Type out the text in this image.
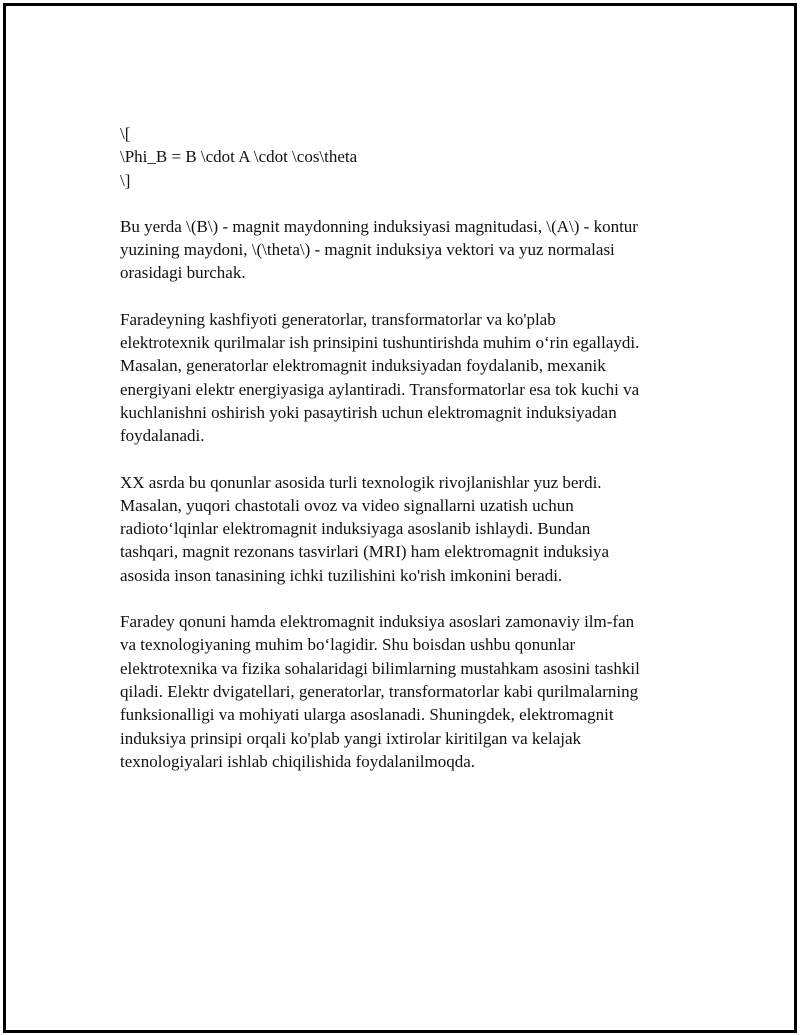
\[

\Phi_B = B \cdot A \cdot \cos\theta

\]

Bu yerda \(B\) - magnit maydonning induksiyasi magnitudasi, \(A\) - kontur
yuzining maydoni, \(\theta\) - magnit induksiya vektori va yuz normalasi
orasidagi burchak.

Faradeyning kashfiyoti generatorlar, transformatorlar va ko'plab
elektrotexnik qurilmalar ish prinsipini tushuntirishda muhim o‘rin egallaydi.
Masalan, generatorlar elektromagnit induksiyadan foydalanib, mexanik
energiyani elektr energiyasiga aylantiradi. Transformatorlar esa tok kuchi va
kuchlanishni oshirish yoki pasaytirish uchun elektromagnit induksiyadan
foydalanadi.

XX asrda bu qonunlar asosida turli texnologik rivojlanishlar yuz berdi.
Masalan, yuqori chastotali ovoz va video signallarni uzatish uchun
radioto‘lqinlar elektromagnit induksiyaga asoslanib ishlaydi. Bundan
tashqari, magnit rezonans tasvirlari (MRI) ham elektromagnit induksiya
asosida inson tanasining ichki tuzilishini ko'rish imkonini beradi.

Faradey qonuni hamda elektromagnit induksiya asoslari zamonaviy ilm-fan
va texnologiyaning muhim bo‘lagidir. Shu boisdan ushbu qonunlar
elektrotexnika va fizika sohalaridagi bilimlarning mustahkam asosini tashkil
qiladi. Elektr dvigatellari, generatorlar, transformatorlar kabi qurilmalarning
funksionalligi va mohiyati ularga asoslanadi. Shuningdek, elektromagnit
induksiya prinsipi orqali ko'plab yangi ixtirolar kiritilgan va kelajak
texnologiyalari ishlab chiqilishida foydalanilmoqda.
